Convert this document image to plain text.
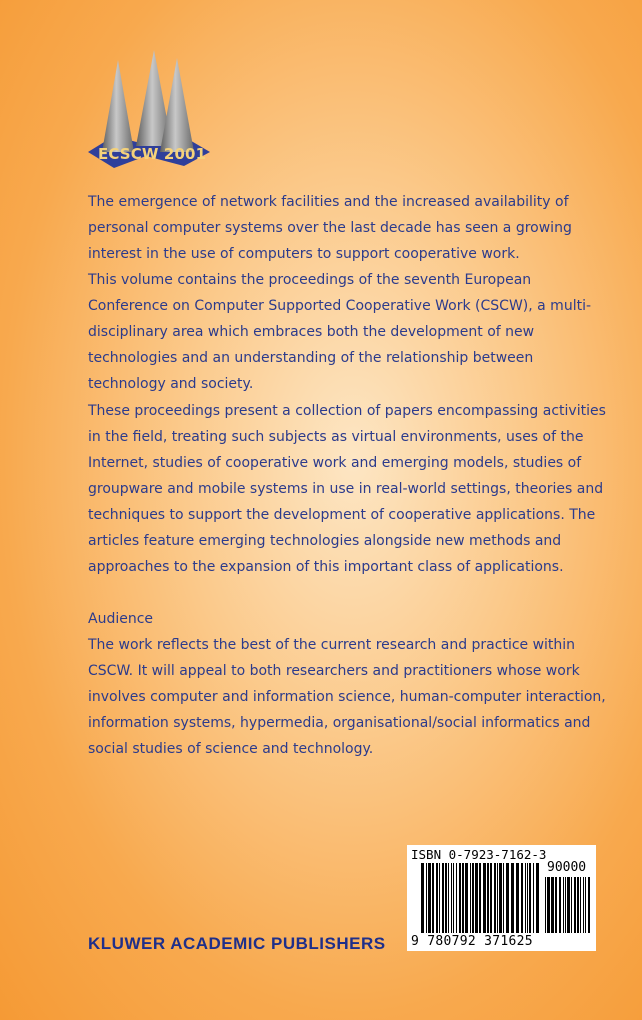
ECSCW 2001

The emergence of network facilities and the increased availability of personal computer systems over the last decade has seen a growing interest in the use of computers to support cooperative work.

This volume contains the proceedings of the seventh European Conference on Computer Supported Cooperative Work (CSCW), a multi-disciplinary area which embraces both the development of new technologies and an understanding of the relationship between technology and society.

These proceedings present a collection of papers encompassing activities in the field, treating such subjects as virtual environments, uses of the Internet, studies of cooperative work and emerging models, studies of groupware and mobile systems in use in real-world settings, theories and techniques to support the development of cooperative applications. The articles feature emerging technologies alongside new methods and approaches to the expansion of this important class of applications.

Audience

The work reflects the best of the current research and practice within CSCW. It will appeal to both researchers and practitioners whose work involves computer and information science, human-computer interaction, information systems, hypermedia, organisational/social informatics and social studies of science and technology.

ISBN 0-7923-7162-3
90000
9 780792 371625
KLUWER ACADEMIC PUBLISHERS
